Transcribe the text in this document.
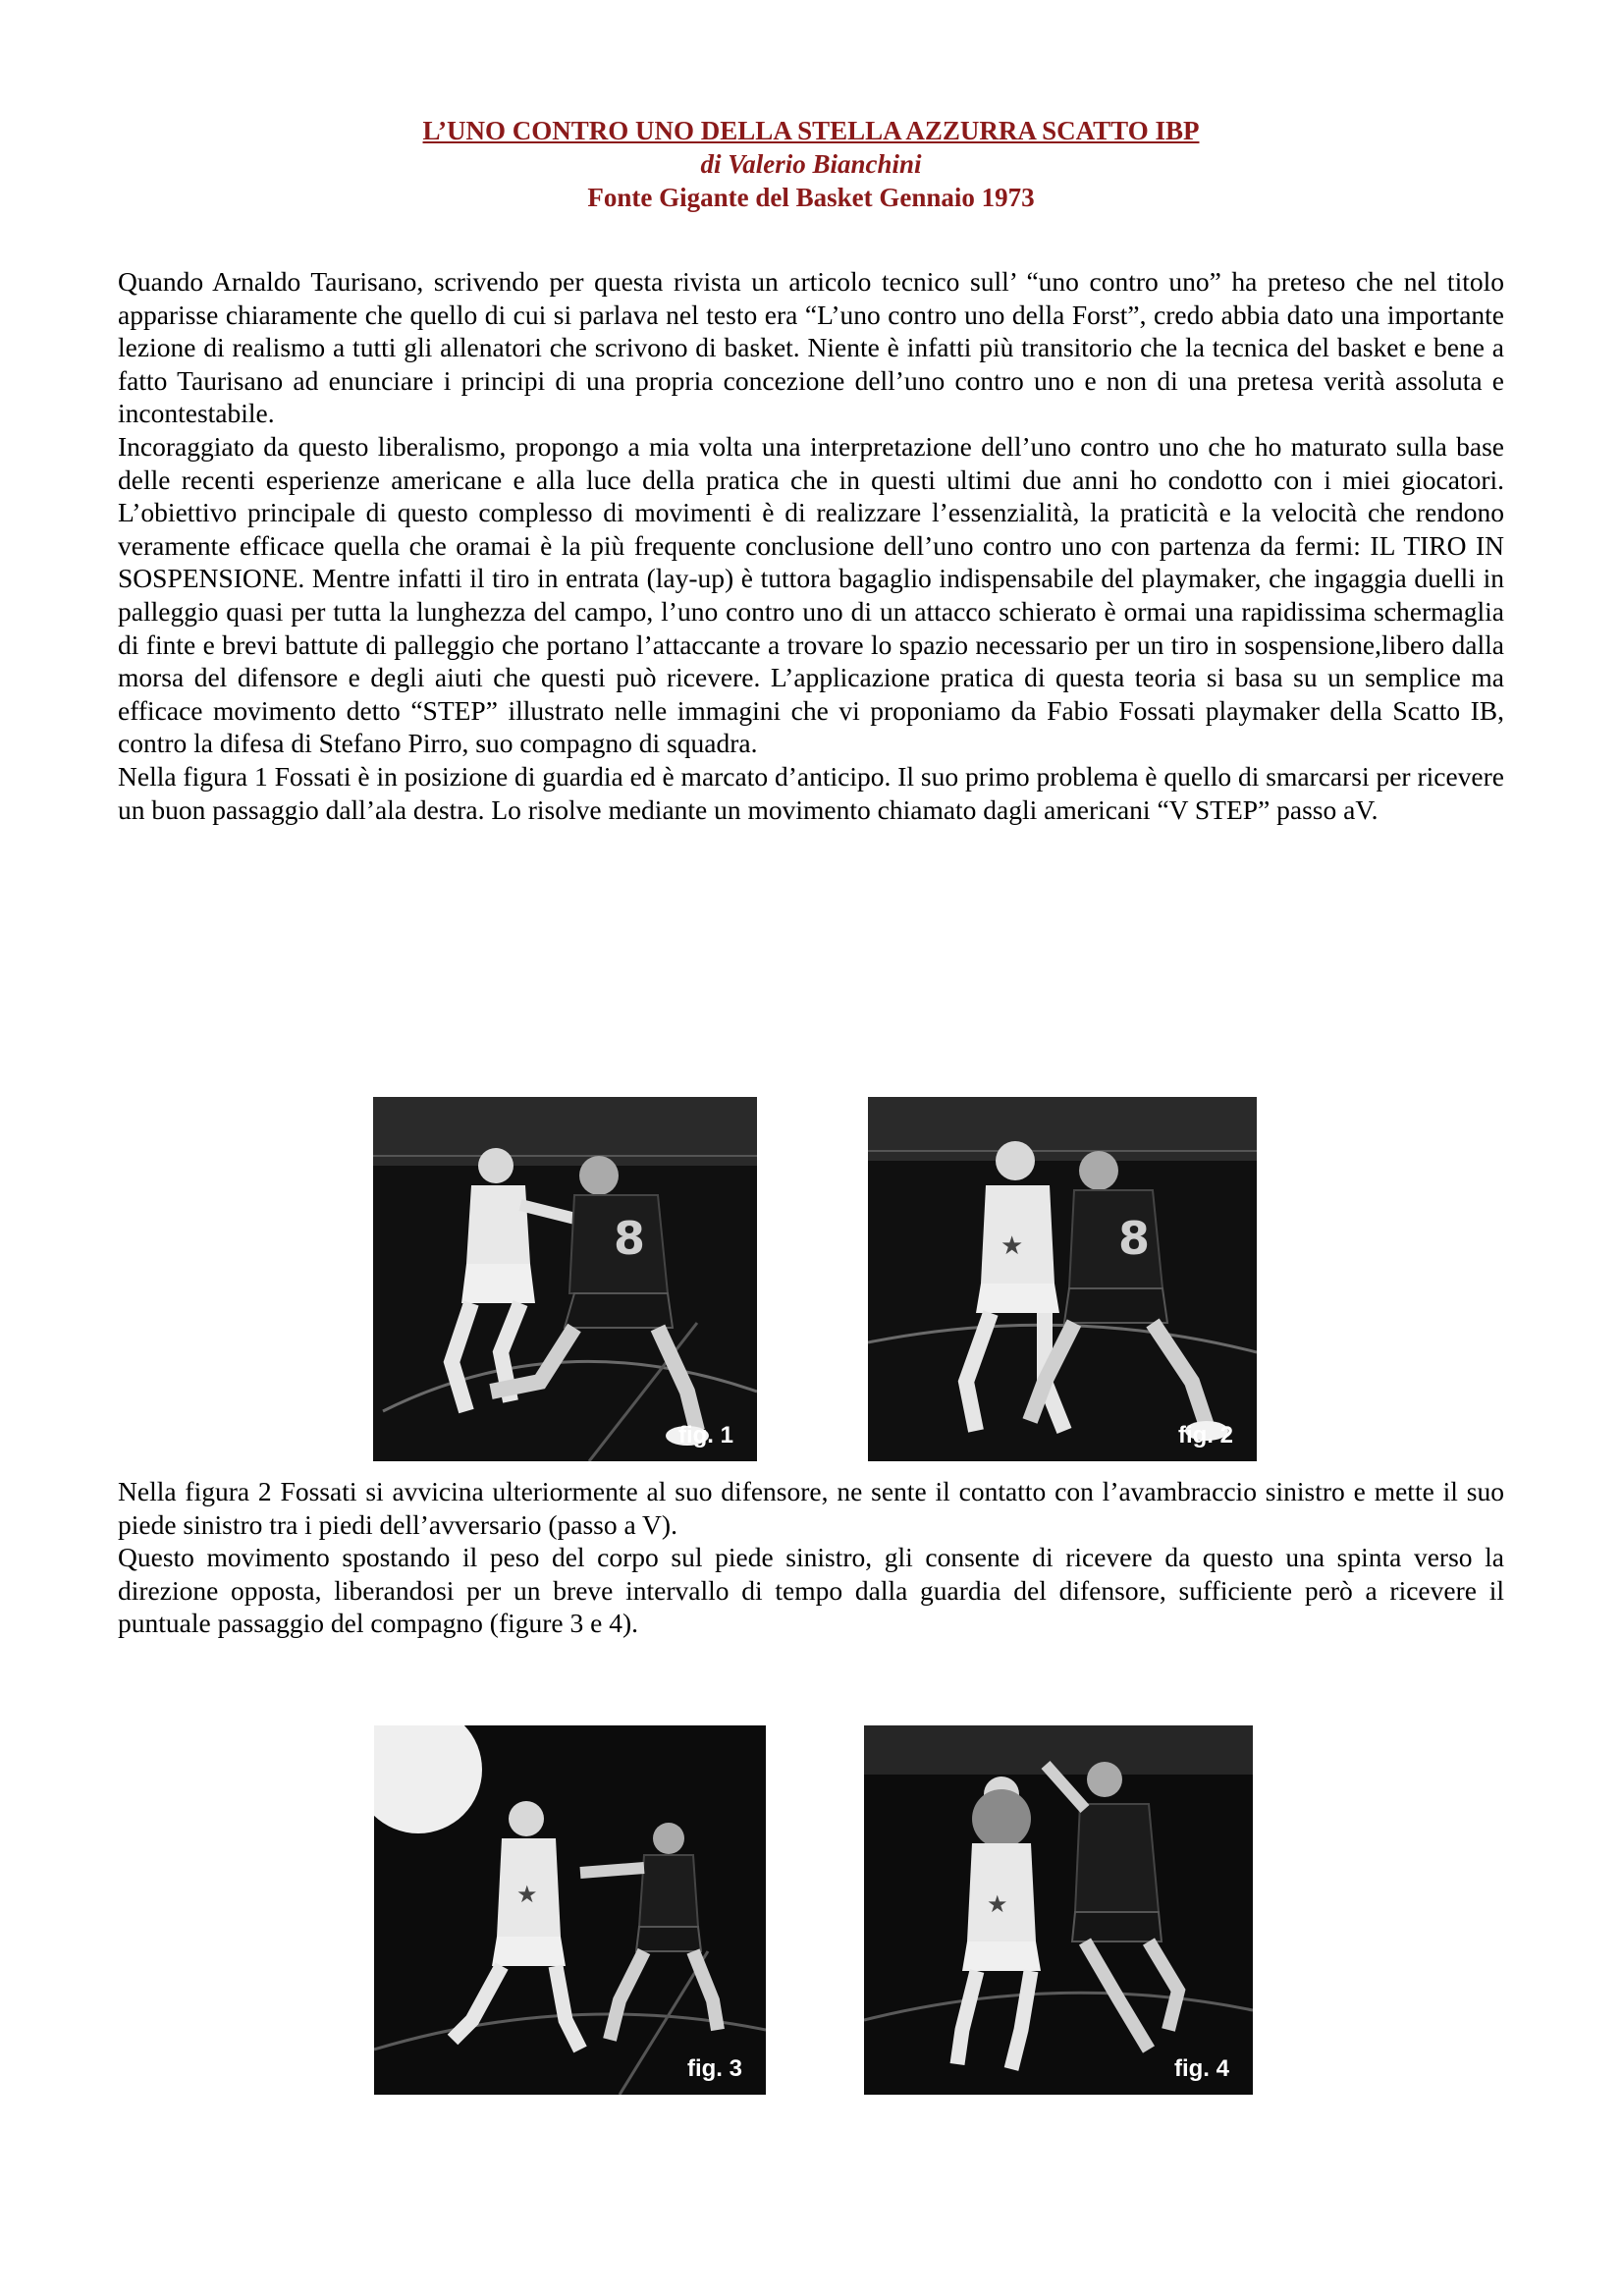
L’UNO CONTRO UNO DELLA STELLA AZZURRA SCATTO IBP
di Valerio Bianchini
Fonte Gigante del Basket Gennaio 1973

Quando Arnaldo Taurisano, scrivendo per questa rivista un articolo tecnico sull’ “uno contro uno” ha preteso che nel titolo apparisse chiaramente che quello di cui si parlava nel testo era “L’uno contro uno della Forst”, credo abbia dato una importante lezione di realismo a tutti gli allenatori che scrivono di basket. Niente è infatti più transitorio che la tecnica del basket e bene a fatto Taurisano ad enunciare i principi di una propria concezione dell’uno contro uno e non di una pretesa verità assoluta e incontestabile.

Incoraggiato da questo liberalismo, propongo a mia volta una interpretazione dell’uno contro uno che ho maturato sulla base delle recenti esperienze americane e alla luce della pratica che in questi ultimi due anni ho condotto con i miei giocatori. L’obiettivo principale di questo complesso di movimenti è di realizzare l’essenzialità, la praticità e la velocità che rendono veramente efficace quella che oramai è la più frequente conclusione dell’uno contro uno con partenza da fermi: IL TIRO IN SOSPENSIONE. Mentre infatti il tiro in entrata (lay-up) è tuttora bagaglio indispensabile del playmaker, che ingaggia duelli in palleggio quasi per tutta la lunghezza del campo, l’uno contro uno di un attacco schierato è ormai una rapidissima schermaglia di finte e brevi battute di palleggio che portano l’attaccante a trovare lo spazio necessario per un tiro in sospensione,libero dalla morsa del difensore e degli aiuti che questi può ricevere. L’applicazione pratica di questa teoria si basa su un semplice ma efficace movimento detto “STEP” illustrato nelle immagini che vi proponiamo da Fabio Fossati playmaker della Scatto IB, contro la difesa di Stefano Pirro, suo compagno di squadra.

Nella figura 1 Fossati è in posizione di guardia ed è marcato d’anticipo. Il suo primo problema è quello di smarcarsi per ricevere un buon passaggio dall’ala destra. Lo risolve mediante un movimento chiamato dagli americani “V STEP” passo aV.

8
fig. 1
★ 8
fig. 2

Nella figura 2 Fossati si avvicina ulteriormente al suo difensore, ne sente il contatto con l’avambraccio sinistro e mette il suo piede sinistro tra i piedi dell’avversario (passo a V).

Questo movimento spostando il peso del corpo sul piede sinistro, gli consente di ricevere da questo una spinta verso la direzione opposta, liberandosi per un breve intervallo di tempo dalla guardia del difensore, sufficiente però a ricevere il puntuale passaggio del compagno (figure 3 e 4).

★
fig. 3
★
fig. 4
